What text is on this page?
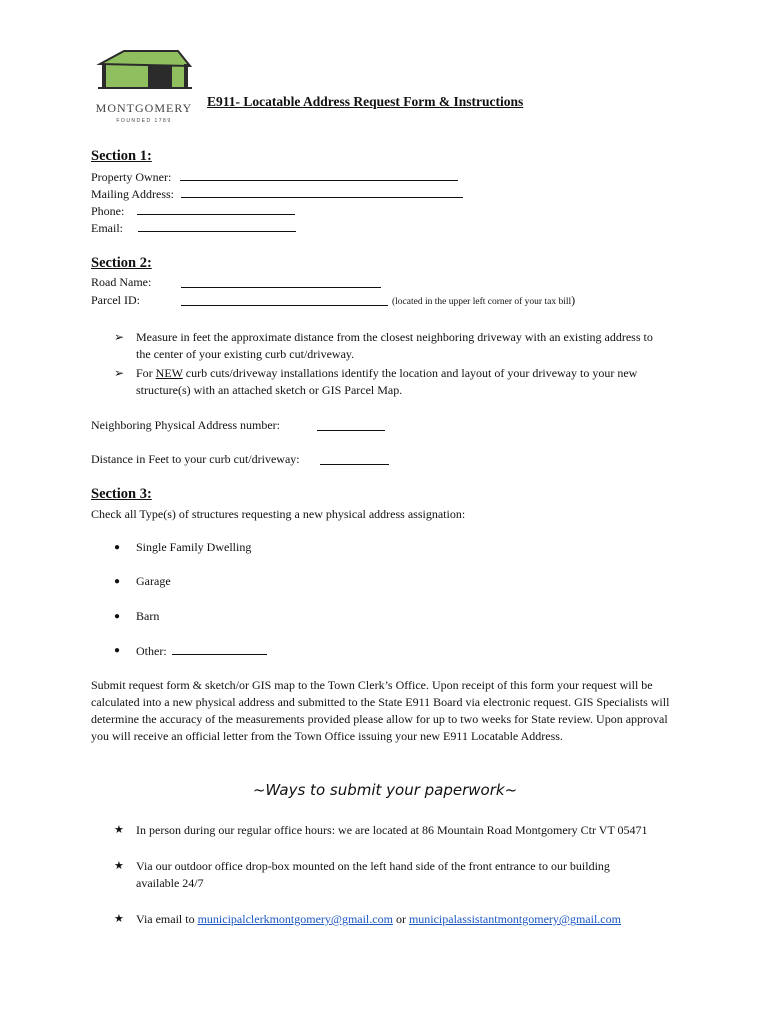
MONTGOMERY
FOUNDED 1789
E911- Locatable Address Request Form & Instructions
Section 1:
Property Owner:
Mailing Address:
Phone:
Email:
Section 2:
Road Name:
Parcel ID:	(located in the upper left corner of your tax bill)
➢ Measure in feet the approximate distance from the closest neighboring driveway with an existing address to
the center of your existing curb cut/driveway.
➢ For NEW curb cuts/driveway installations identify the location and layout of your driveway to your new
structure(s) with an attached sketch or GIS Parcel Map.
Neighboring Physical Address number:
Distance in Feet to your curb cut/driveway:
Section 3:
Check all Type(s) of structures requesting a new physical address assignation:
● Single Family Dwelling
● Garage
● Barn
● Other:
Submit request form & sketch/or GIS map to the Town Clerk’s Office. Upon receipt of this form your request will be calculated into a new physical address and submitted to the State E911 Board via electronic request. GIS Specialists will determine the accuracy of the measurements provided please allow for up to two weeks for State review. Upon approval you will receive an official letter from the Town Office issuing your new E911 Locatable Address.
~Ways to submit your paperwork~
★ In person during our regular office hours: we are located at 86 Mountain Road Montgomery Ctr VT 05471
★ Via our outdoor office drop-box mounted on the left hand side of the front entrance to our building
available 24/7
★ Via email to municipalclerkmontgomery@gmail.com or municipalassistantmontgomery@gmail.com
